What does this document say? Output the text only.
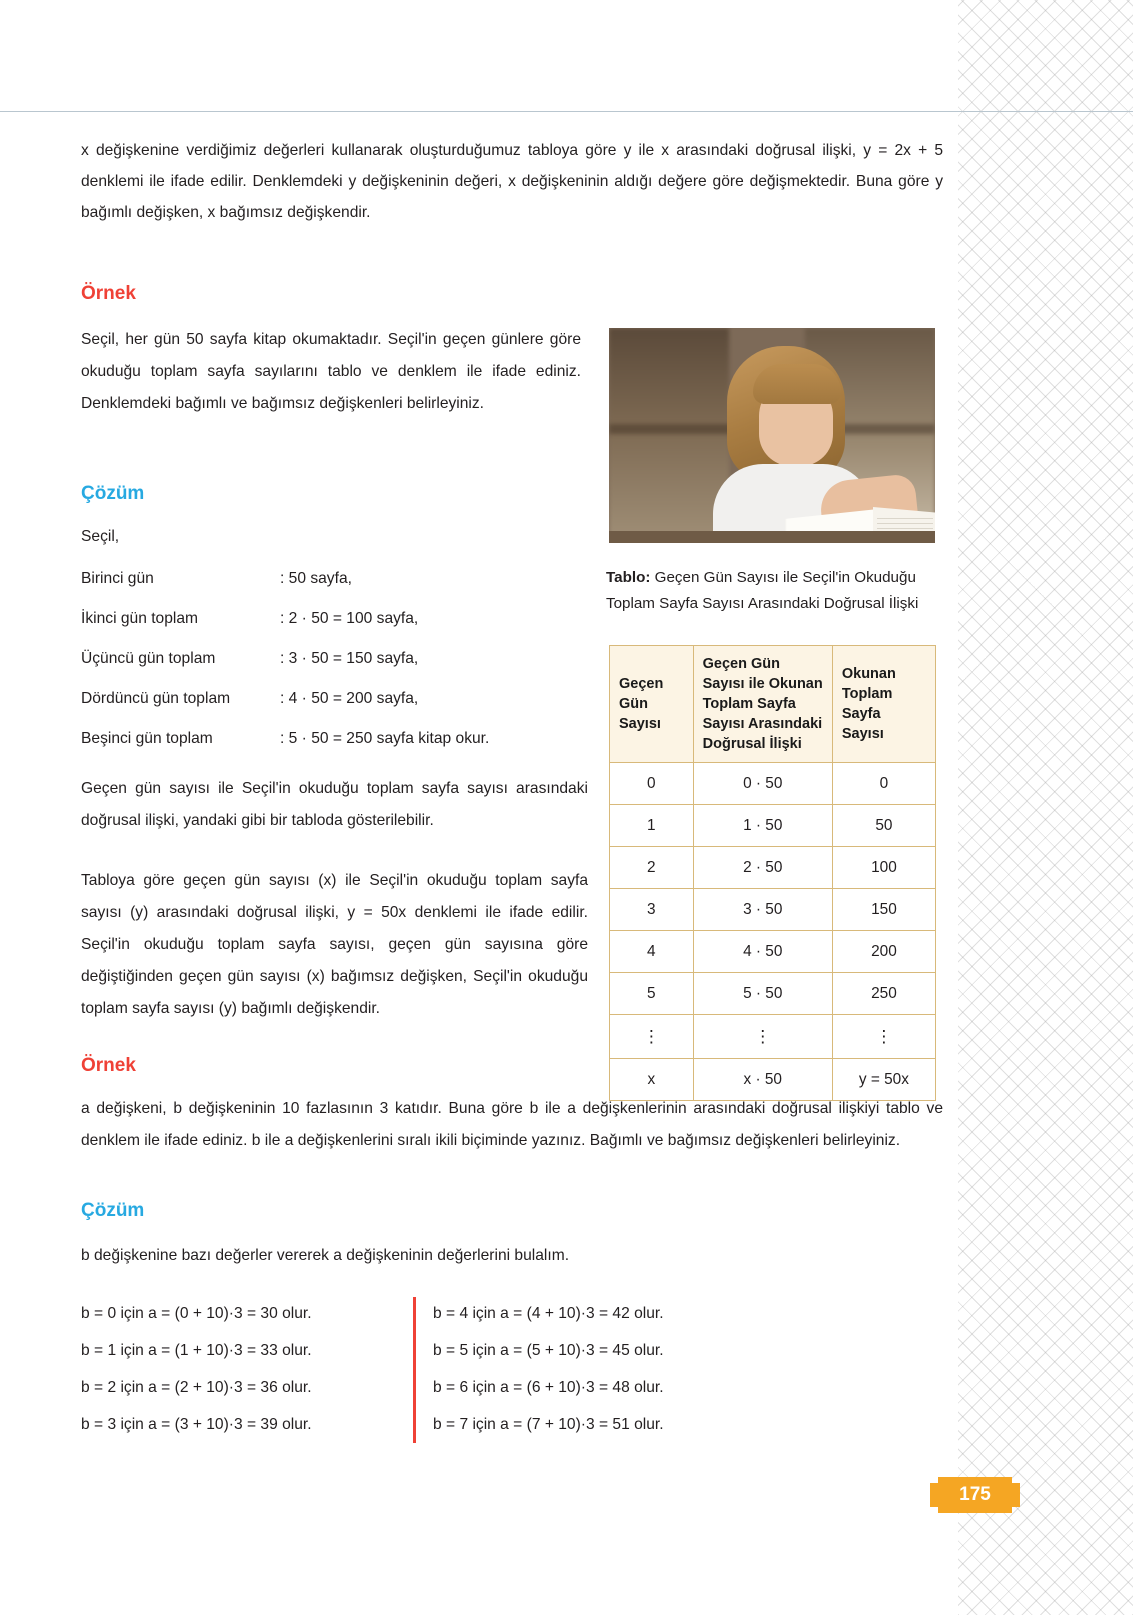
x değişkenine verdiğimiz değerleri kullanarak oluşturduğumuz tabloya göre y ile x arasındaki doğrusal ilişki, y = 2x + 5 denklemi ile ifade edilir. Denklemdeki y değişkeninin değeri, x değişkeninin aldığı değere göre değişmektedir. Buna göre y bağımlı değişken, x bağımsız değişkendir.
Örnek
Seçil, her gün 50 sayfa kitap okumaktadır. Seçil'in geçen günlere göre okuduğu toplam sayfa sayılarını tablo ve denklem ile ifade ediniz. Denklemdeki bağımlı ve bağımsız değişkenleri belirleyiniz.
Çözüm
Seçil,
Birinci gün	: 50 sayfa,
İkinci gün toplam	: 2 · 50 = 100 sayfa,
Üçüncü gün toplam	: 3 · 50 = 150 sayfa,
Dördüncü gün toplam	: 4 · 50 = 200 sayfa,
Beşinci gün toplam	: 5 · 50 = 250 sayfa kitap okur.
Geçen gün sayısı ile Seçil'in okuduğu toplam sayfa sayısı arasındaki doğrusal ilişki, yandaki gibi bir tabloda gösterilebilir.
Tabloya göre geçen gün sayısı (x) ile Seçil'in okuduğu toplam sayfa sayısı (y) arasındaki doğrusal ilişki, y = 50x denklemi ile ifade edilir. Seçil'in okuduğu toplam sayfa sayısı, geçen gün sayısına göre değiştiğinden geçen gün sayısı (x) bağımsız değişken, Seçil'in okuduğu toplam sayfa sayısı (y) bağımlı değişkendir.
Tablo: Geçen Gün Sayısı ile Seçil'in Okuduğu Toplam Sayfa Sayısı Arasındaki Doğrusal İlişki
Geçen Gün Sayısı	Geçen Gün Sayısı ile Okunan Toplam Sayfa Sayısı Arasındaki Doğrusal İlişki	Okunan Toplam Sayfa Sayısı
0	0 · 50	0
1	1 · 50	50
2	2 · 50	100
3	3 · 50	150
4	4 · 50	200
5	5 · 50	250
⋮	⋮	⋮
x	x · 50	y = 50x
Örnek
a değişkeni, b değişkeninin 10 fazlasının 3 katıdır. Buna göre b ile a değişkenlerinin arasındaki doğrusal ilişkiyi tablo ve denklem ile ifade ediniz. b ile a değişkenlerini sıralı ikili biçiminde yazınız. Bağımlı ve bağımsız değişkenleri belirleyiniz.
Çözüm
b değişkenine bazı değerler vererek a değişkeninin değerlerini bulalım.
b = 0 için a = (0 + 10)·3 = 30 olur.
b = 1 için a = (1 + 10)·3 = 33 olur.
b = 2 için a = (2 + 10)·3 = 36 olur.
b = 3 için a = (3 + 10)·3 = 39 olur.
b = 4 için a = (4 + 10)·3 = 42 olur.
b = 5 için a = (5 + 10)·3 = 45 olur.
b = 6 için a = (6 + 10)·3 = 48 olur.
b = 7 için a = (7 + 10)·3 = 51 olur.
175
